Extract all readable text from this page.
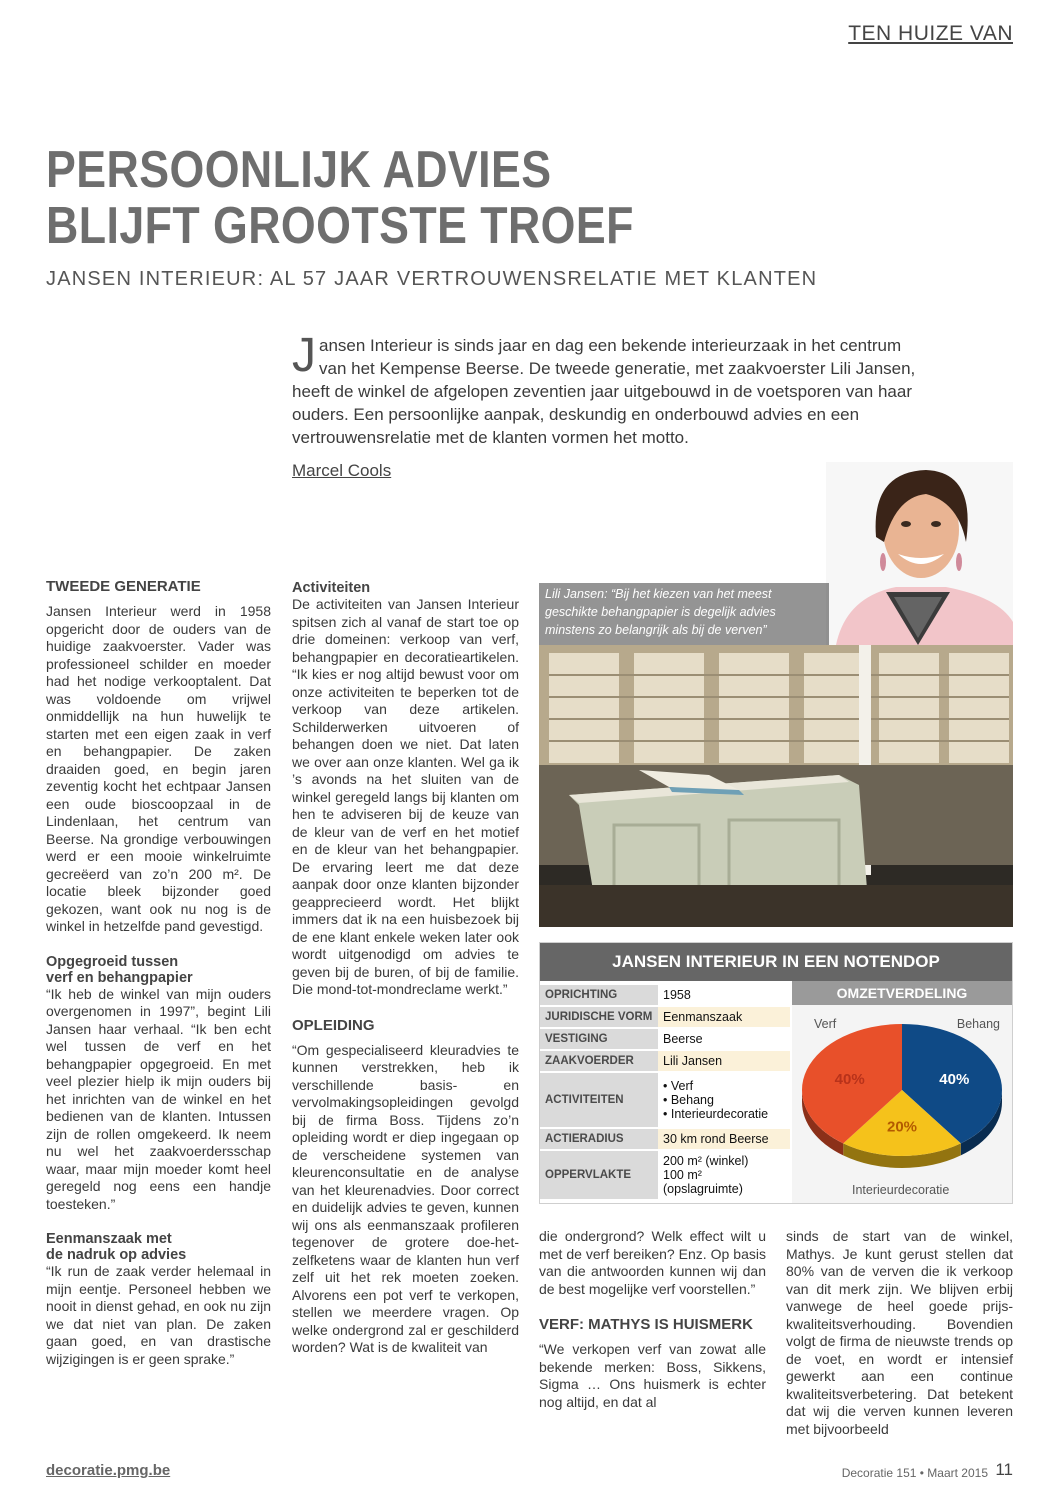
TEN HUIZE VAN
PERSOONLIJK ADVIES
BLIJFT GROOTSTE TROEF
JANSEN INTERIEUR: AL 57 JAAR VERTROUWENSRELATIE MET KLANTEN
Jansen Interieur is sinds jaar en dag een bekende interieurzaak in het centrum van het Kempense Beerse. De tweede generatie, met zaakvoerster Lili Jansen, heeft de winkel de afgelopen zeventien jaar uitgebouwd in de voetsporen van haar ouders. Een persoonlijke aanpak, deskundig en onderbouwd advies en een vertrouwensrelatie met de klanten vormen het motto.
Marcel Cools
TWEEDE GENERATIE

Jansen Interieur werd in 1958 opgericht door de ouders van de huidige zaakvoerster. Vader was professioneel schilder en moeder had het nodige verkooptalent. Dat was voldoende om vrijwel onmiddellijk na hun huwelijk te starten met een eigen zaak in verf en behangpapier. De zaken draaiden goed, en begin jaren zeventig kocht het echtpaar Jansen een oude bioscoopzaal in de Lindenlaan, het centrum van Beerse. Na grondige verbouwingen werd er een mooie winkelruimte gecreëerd van zo’n 200 m². De locatie bleek bijzonder goed gekozen, want ook nu nog is de winkel in hetzelfde pand gevestigd.

Opgegroeid tussen
verf en behangpapier

“Ik heb de winkel van mijn ouders overgenomen in 1997”, begint Lili Jansen haar verhaal. “Ik ben echt wel tussen de verf en het behangpapier opgegroeid. En met veel plezier hielp ik mijn ouders bij het inrichten van de winkel en het bedienen van de klanten. Intussen zijn de rollen omgekeerd. Ik neem nu wel het zaakvoerdersschap waar, maar mijn moeder komt heel geregeld nog eens een handje toesteken.”

Eenmanszaak met
de nadruk op advies

“Ik run de zaak verder helemaal in mijn eentje. Personeel hebben we nooit in dienst gehad, en ook nu zijn we dat niet van plan. De zaken gaan goed, en van drastische wijzigingen is er geen sprake.”

Activiteiten

De activiteiten van Jansen Interieur spitsen zich al vanaf de start toe op drie domeinen: verkoop van verf, behangpapier en decoratieartikelen. “Ik kies er nog altijd bewust voor om onze activiteiten te beperken tot de verkoop van deze artikelen. Schilderwerken uitvoeren of behangen doen we niet. Dat laten we over aan onze klanten. Wel ga ik ’s avonds na het sluiten van de winkel geregeld langs bij klanten om hen te adviseren bij de keuze van de kleur van de verf en het motief en de kleur van het behangpapier. De ervaring leert me dat deze aanpak door onze klanten bijzonder geapprecieerd wordt. Het blijkt immers dat ik na een huisbezoek bij de ene klant enkele weken later ook wordt uitgenodigd om advies te geven bij de buren, of bij de familie. Die mond-tot-mondreclame werkt.”

OPLEIDING

“Om gespecialiseerd kleuradvies te kunnen verstrekken, heb ik verschillende basis- en vervolmakingsopleidingen gevolgd bij de firma Boss. Tijdens zo’n opleiding wordt er diep ingegaan op de verscheidene systemen van kleurenconsultatie en de analyse van het kleurenadvies. Door correct en duidelijk advies te geven, kunnen wij ons als eenmanszaak profileren tegenover de grotere doe-het-zelfketens waar de klanten hun verf zelf uit het rek moeten zoeken. Alvorens een pot verf te verkopen, stellen we meerdere vragen. Op welke ondergrond zal er geschilderd worden? Wat is de kwaliteit van

die ondergrond? Welk effect wilt u met de verf bereiken? Enz. Op basis van die antwoorden kunnen wij dan de best mogelijke verf voorstellen.”

VERF: MATHYS IS HUISMERK

“We verkopen verf van zowat alle bekende merken: Boss, Sikkens, Sigma … Ons huismerk is echter nog altijd, en dat al

sinds de start van de winkel, Mathys. Je kunt gerust stellen dat 80% van de verven die ik verkoop van dit merk zijn. We blijven erbij vanwege de heel goede prijs-kwaliteitsverhouding. Bovendien volgt de firma de nieuwste trends op de voet, en wordt er intensief gewerkt aan een continue kwaliteitsverbetering. Dat betekent dat wij die verven kunnen leveren met bijvoorbeeld

Lili Jansen: “Bij het kiezen van het meest geschikte behangpapier is degelijk advies minstens zo belangrijk als bij de verven”
JANSEN INTERIEUR IN EEN NOTENDOP
OPRICHTING	1958
JURIDISCHE VORM	Eenmanszaak
VESTIGING	Beerse
ZAAKVOERDER	Lili Jansen
ACTIVITEITEN	• Verf
• Behang
• Interieurdecoratie
ACTIERADIUS	30 km rond Beerse
OPPERVLAKTE	200 m² (winkel)
100 m² (opslagruimte)
OMZETVERDELING
Verf	Behang
Interieurdecoratie
40%
20%
40%
decoratie.pmg.be	Decoratie 151 • Maart 2015 11
